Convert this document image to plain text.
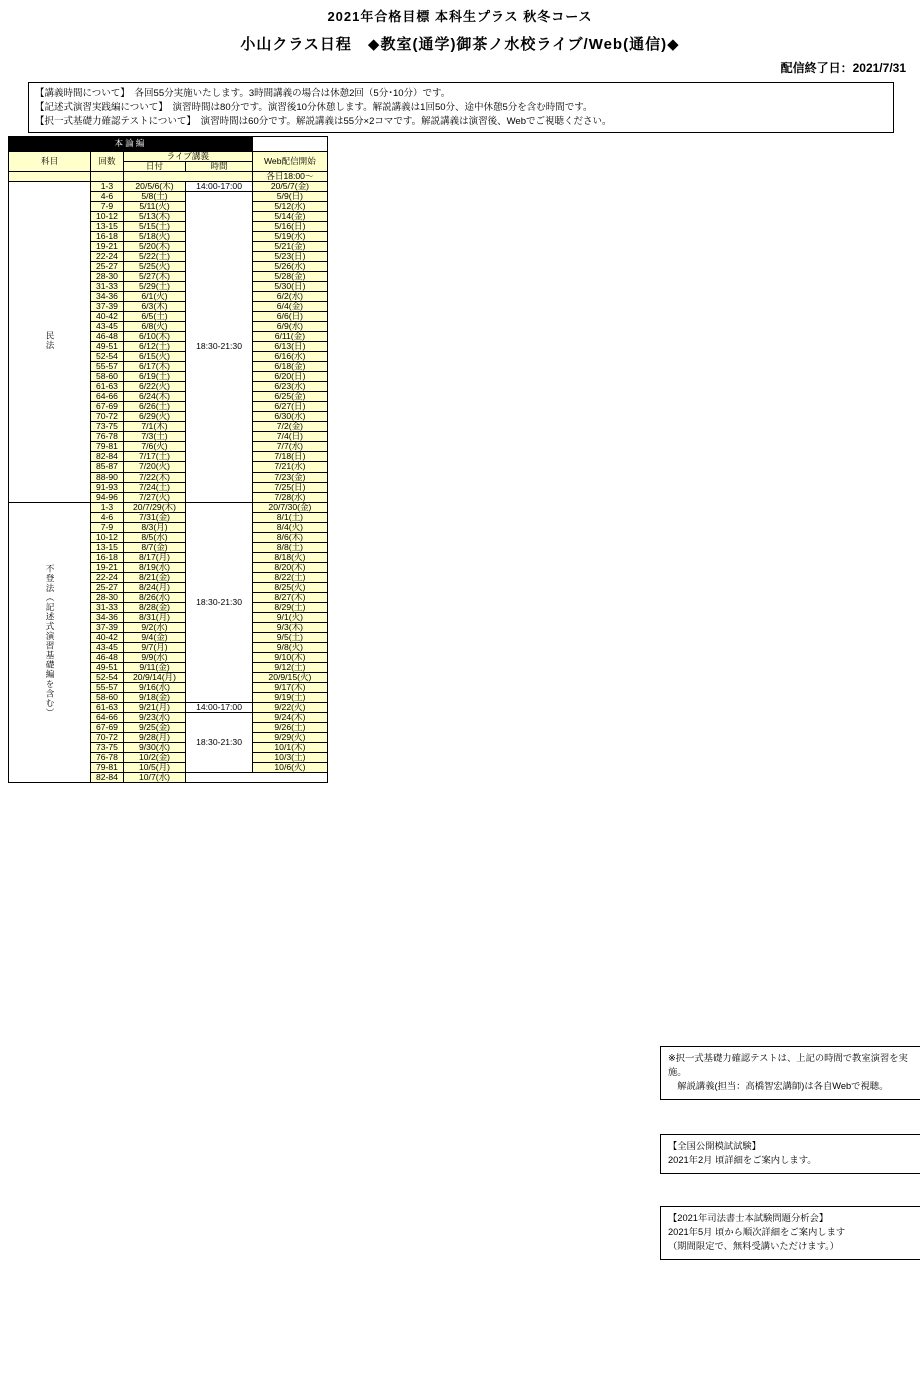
2021年合格目標 本科生プラス 秋冬コース
小山クラス日程　◆教室(通学)御茶ノ水校ライブ/Web(通信)◆
配信終了日：2021/7/31
【講義時間について】　各回55分実施いたします。3時間講義の場合は休憩2回（5分･10分）です。
【記述式演習実践編について】　演習時間は80分です。演習後10分休憩します。解説講義は1回50分、途中休憩5分を含む時間です。
【択一式基礎力確認テストについて】　演習時間は60分です。解説講義は55分×2コマです。解説講義は演習後、Webでご視聴ください。
本論編				
科目	回数	ライブ講義		Web配信開始
		日付	時間	
				各日18:00～
民法	1-3	20/5/6(木)	14:00-17:00	20/5/7(金)
	4-6	5/8(土)	18:30-21:30	5/9(日)
	7-9	5/11(火)		5/12(水)
	10-12	5/13(木)		5/14(金)
	13-15	5/15(土)		5/16(日)
	16-18	5/18(火)		5/19(水)
	19-21	5/20(木)		5/21(金)
	22-24	5/22(土)		5/23(日)
	25-27	5/25(火)		5/26(水)
	28-30	5/27(木)		5/28(金)
	31-33	5/29(土)		5/30(日)
	34-36	6/1(火)		6/2(水)
	37-39	6/3(木)		6/4(金)
	40-42	6/5(土)		6/6(日)
	43-45	6/8(火)		6/9(水)
	46-48	6/10(木)		6/11(金)
	49-51	6/12(土)		6/13(日)
	52-54	6/15(火)		6/16(水)
	55-57	6/17(木)		6/18(金)
	58-60	6/19(土)		6/20(日)
	61-63	6/22(火)		6/23(水)
	64-66	6/24(木)		6/25(金)
	67-69	6/26(土)		6/27(日)
	70-72	6/29(火)		6/30(水)
	73-75	7/1(木)		7/2(金)
	76-78	7/3(土)		7/4(日)
	79-81	7/6(火)		7/7(水)
	82-84	7/17(土)		7/18(日)
	85-87	7/20(火)		7/21(水)
	88-90	7/22(木)		7/23(金)
	91-93	7/24(土)		7/25(日)
	94-96	7/27(火)		7/28(水)
不登法（記述式演習基礎編を含む）	1-3	20/7/29(木)	18:30-21:30	20/7/30(金)
	4-6	7/31(金)		8/1(土)
	7-9	8/3(月)		8/4(火)
	10-12	8/5(水)		8/6(木)
	13-15	8/7(金)		8/8(土)
	16-18	8/17(月)		8/18(火)
	19-21	8/19(水)		8/20(木)
	22-24	8/21(金)		8/22(土)
	25-27	8/24(月)		8/25(火)
	28-30	8/26(水)		8/27(木)
	31-33	8/28(金)		8/29(土)
	34-36	8/31(月)		9/1(火)
	37-39	9/2(水)		9/3(木)
	40-42	9/4(金)		9/5(土)
	43-45	9/7(月)		9/8(火)
	46-48	9/9(水)		9/10(木)
	49-51	9/11(金)		9/12(土)
	52-54	20/9/14(月)		20/9/15(火)
	55-57	9/16(水)		9/17(木)
	58-60	9/18(金)		9/19(土)
	61-63	9/21(月)	14:00-17:00	9/22(火)
	64-66	9/23(水)	18:30-21:30	9/24(木)
	67-69	9/25(金)		9/26(土)
	70-72	9/28(月)		9/29(火)
	73-75	9/30(水)		10/1(木)
	76-78	10/2(金)		10/3(土)
	79-81	10/5(月)		10/6(火)
	82-84	10/7(水)		
※択一式基礎力確認テストは、上記の時間で教室演習を実施。
　解説講義(担当：高橋智宏講師)は各自Webで視聴。
【全国公開模試試験】
2021年2月 頃詳細をご案内します。
【2021年司法書士本試験問題分析会】
2021年5月 頃から順次詳細をご案内します
（期間限定で、無料受講いただけます。）
